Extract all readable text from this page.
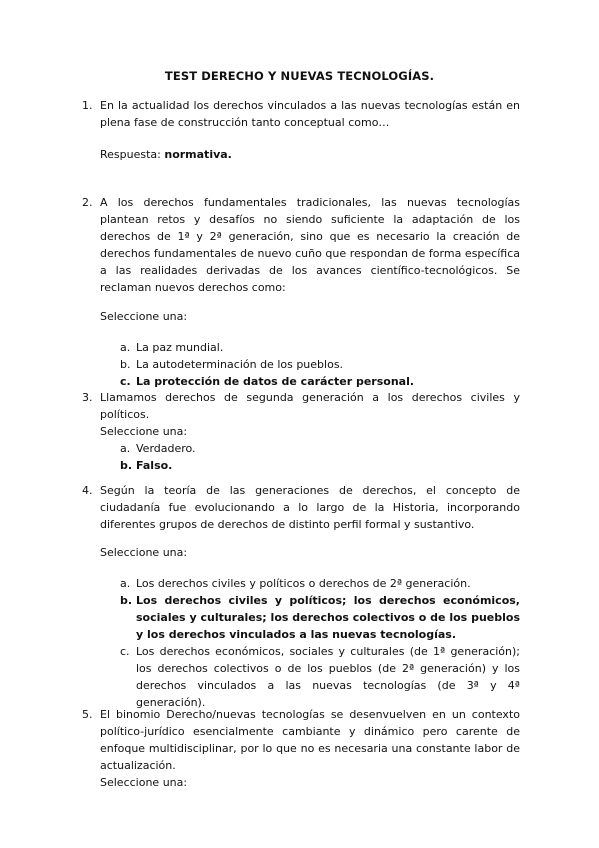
TEST DERECHO Y NUEVAS TECNOLOGÍAS.
1. En la actualidad los derechos vinculados a las nuevas tecnologías están en plena fase de construcción tanto conceptual como…
Respuesta: normativa.
2. A los derechos fundamentales tradicionales, las nuevas tecnologías plantean retos y desafíos no siendo suficiente la adaptación de los derechos de 1ª y 2ª generación, sino que es necesario la creación de derechos fundamentales de nuevo cuño que respondan de forma específica a las realidades derivadas de los avances científico-tecnológicos. Se reclaman nuevos derechos como:
Seleccione una:
a. La paz mundial.
b. La autodeterminación de los pueblos.
c. La protección de datos de carácter personal.
3. Llamamos derechos de segunda generación a los derechos civiles y políticos.
Seleccione una:
a. Verdadero.
b. Falso.
4. Según la teoría de las generaciones de derechos, el concepto de ciudadanía fue evolucionando a lo largo de la Historia, incorporando diferentes grupos de derechos de distinto perfil formal y sustantivo.
Seleccione una:
a. Los derechos civiles y políticos o derechos de 2ª generación.
b. Los derechos civiles y políticos; los derechos económicos, sociales y culturales; los derechos colectivos o de los pueblos y los derechos vinculados a las nuevas tecnologías.
c. Los derechos económicos, sociales y culturales (de 1ª generación); los derechos colectivos o de los pueblos (de 2ª generación) y los derechos vinculados a las nuevas tecnologías (de 3ª y 4ª generación).
5. El binomio Derecho/nuevas tecnologías se desenvuelven en un contexto político-jurídico esencialmente cambiante y dinámico pero carente de enfoque multidisciplinar, por lo que no es necesaria una constante labor de actualización.
Seleccione una:
